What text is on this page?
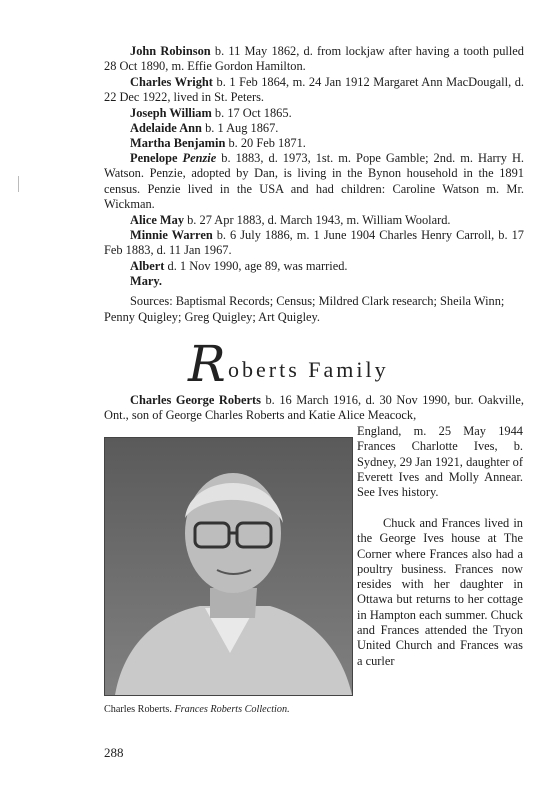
John Robinson b. 11 May 1862, d. from lockjaw after having a tooth pulled 28 Oct 1890, m. Effie Gordon Hamilton.
Charles Wright b. 1 Feb 1864, m. 24 Jan 1912 Margaret Ann MacDougall, d. 22 Dec 1922, lived in St. Peters.
Joseph William b. 17 Oct 1865.
Adelaide Ann b. 1 Aug 1867.
Martha Benjamin b. 20 Feb 1871.
Penelope Penzie b. 1883, d. 1973, 1st. m. Pope Gamble; 2nd. m. Harry H. Watson. Penzie, adopted by Dan, is living in the Bynon household in the 1891 census. Penzie lived in the USA and had children: Caroline Watson m. Mr. Wickman.
Alice May b. 27 Apr 1883, d. March 1943, m. William Woolard.
Minnie Warren b. 6 July 1886, m. 1 June 1904 Charles Henry Carroll, b. 17 Feb 1883, d. 11 Jan 1967.
Albert d. 1 Nov 1990, age 89, was married.
Mary.
Sources: Baptismal Records; Census; Mildred Clark research; Sheila Winn; Penny Quigley; Greg Quigley; Art Quigley.
R oberts Family
Charles George Roberts b. 16 March 1916, d. 30 Nov 1990, bur. Oakville, Ont., son of George Charles Roberts and Katie Alice Meacock,
England, m. 25 May 1944 Frances Charlotte Ives, b. Sydney, 29 Jan 1921, daughter of Everett Ives and Molly Annear. See Ives history.
Chuck and Frances lived in the George Ives house at The Corner where Frances also had a poultry business. Frances now resides with her daughter in Ottawa but returns to her cottage in Hampton each summer. Chuck and Frances attended the Tryon United Church and Frances was a curler
Charles Roberts. Frances Roberts Collection.
288
